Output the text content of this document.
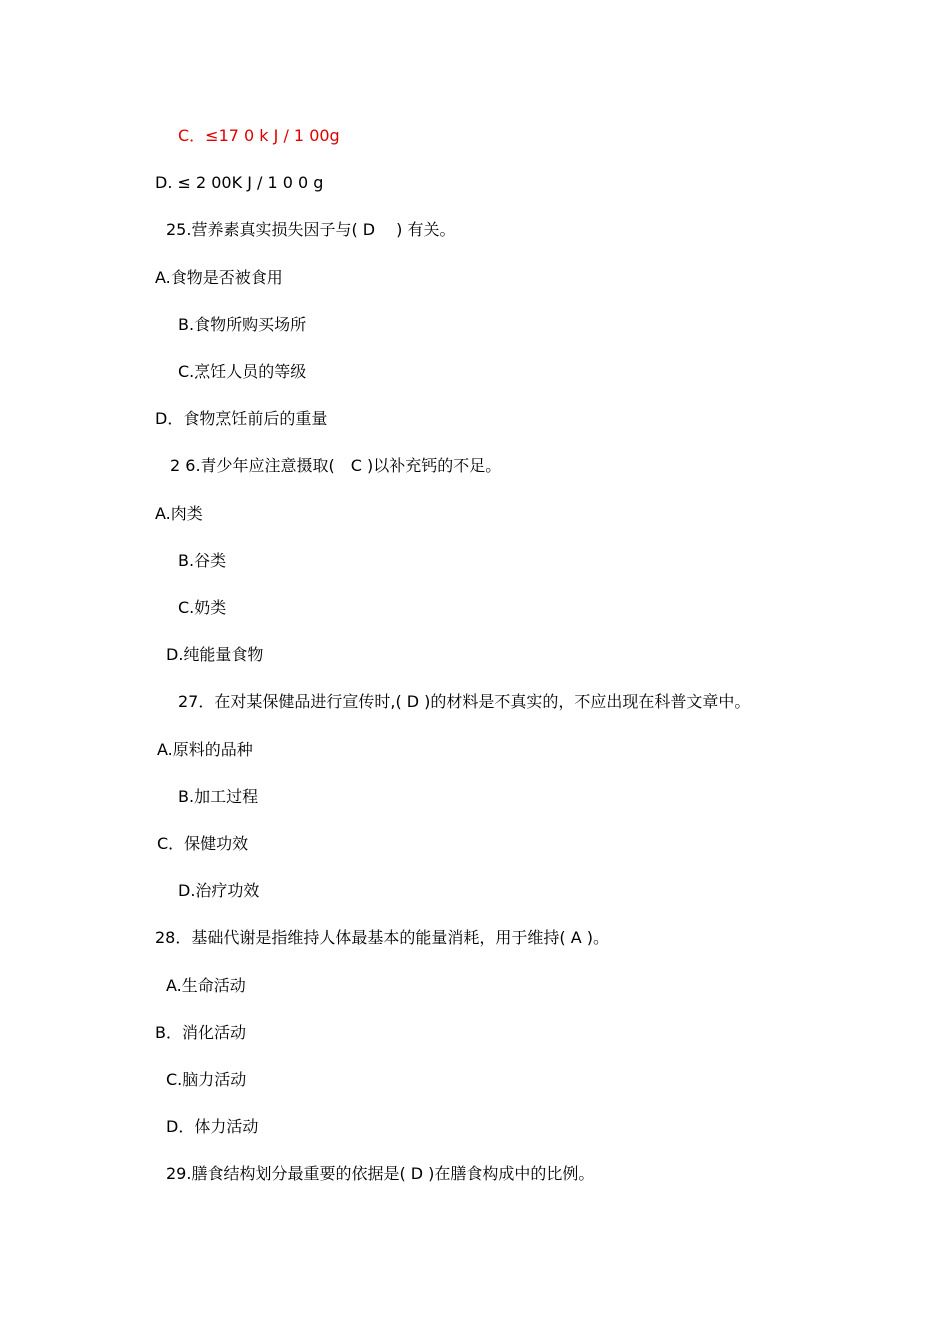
C．≤17 0 k J / 1 00g
D. ≤ 2 00K J / 1 0 0 g
25.营养素真实损失因子与( D　 ) 有关。
A.食物是否被食用
B.食物所购买场所
C.烹饪人员的等级
D．食物烹饪前后的重量
2 6.青少年应注意摄取(　C )以补充钙的不足。
A.肉类
B.谷类
C.奶类
D.纯能量食物
27．在对某保健品进行宣传时,( D )的材料是不真实的，不应出现在科普文章中。
A.原料的品种
B.加工过程
C．保健功效
D.治疗功效
28．基础代谢是指维持人体最基本的能量消耗，用于维持( A )。
A.生命活动
B．消化活动
C.脑力活动
D．体力活动
29.膳食结构划分最重要的依据是( D )在膳食构成中的比例。
